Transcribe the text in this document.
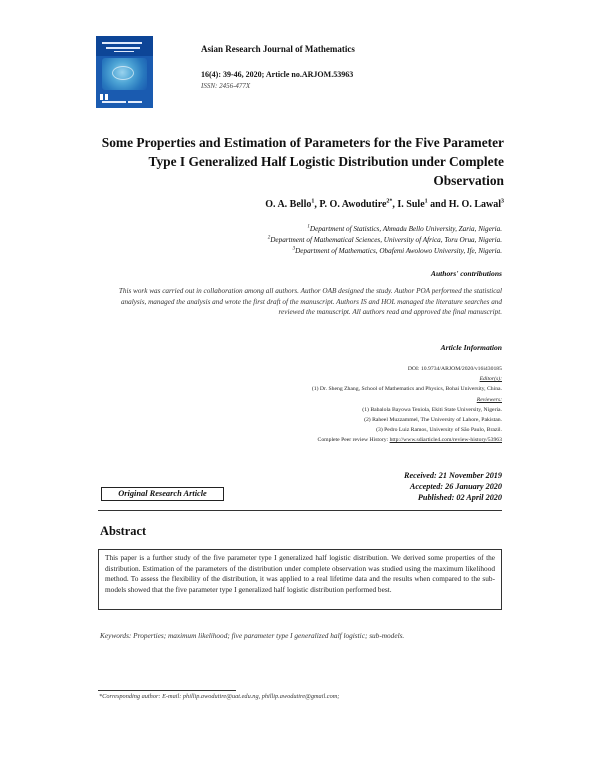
Asian Research Journal of Mathematics
16(4): 39-46, 2020; Article no.ARJOM.53963
ISSN: 2456-477X
Some Properties and Estimation of Parameters for the Five Parameter Type I Generalized Half Logistic Distribution under Complete Observation
O. A. Bello$^1$, P. O. Awodutire$^{2*}$, I. Sule$^1$ and H. O. Lawal$^3$
$^1$Department of Statistics, Ahmadu Bello University, Zaria, Nigeria.
$^2$Department of Mathematical Sciences, University of Africa, Toru Orua, Nigeria.
$^3$Department of Mathematics, Obafemi Awolowo University, Ife, Nigeria.
Authors' contributions
This work was carried out in collaboration among all authors. Author OAB designed the study. Author POA performed the statistical analysis, managed the analysis and wrote the first draft of the manuscript. Authors IS and HOL managed the literature searches and reviewed the manuscript. All authors read and approved the final manuscript.
Article Information
DOI: 10.9734/ARJOM/2020/v16i430185
Editor(s):
(1) Dr. Sheng Zhang, School of Mathematics and Physics, Bohai University, China.
Reviewers:
(1) Babalola Bayowa Teniola, Ekiti State University, Nigeria.
(2) Raheel Muzzammel, The University of Lahore, Pakistan.
(3) Pedro Luiz Ramos, University of São Paulo, Brazil.
Complete Peer review History: http://www.sdiarticle4.com/review-history/53963
Received: 21 November 2019
Accepted: 26 January 2020
Published: 02 April 2020
Original Research Article
Abstract
This paper is a further study of the five parameter type I generalized half logistic distribution. We derived some properties of the distribution. Estimation of the parameters of the distribution under complete observation was studied using the maximum likelihood method. To assess the flexibility of the distribution, it was applied to a real lifetime data and the results when compared to the sub-models showed that the five parameter type I generalized half logistic distribution performed best.
Keywords: Properties; maximum likelihood; five parameter type I generalized half logistic; sub-models.
*Corresponding author: E-mail: phillip.awodutire@uat.edu.ng, phillip.awodutire@gmail.com;
